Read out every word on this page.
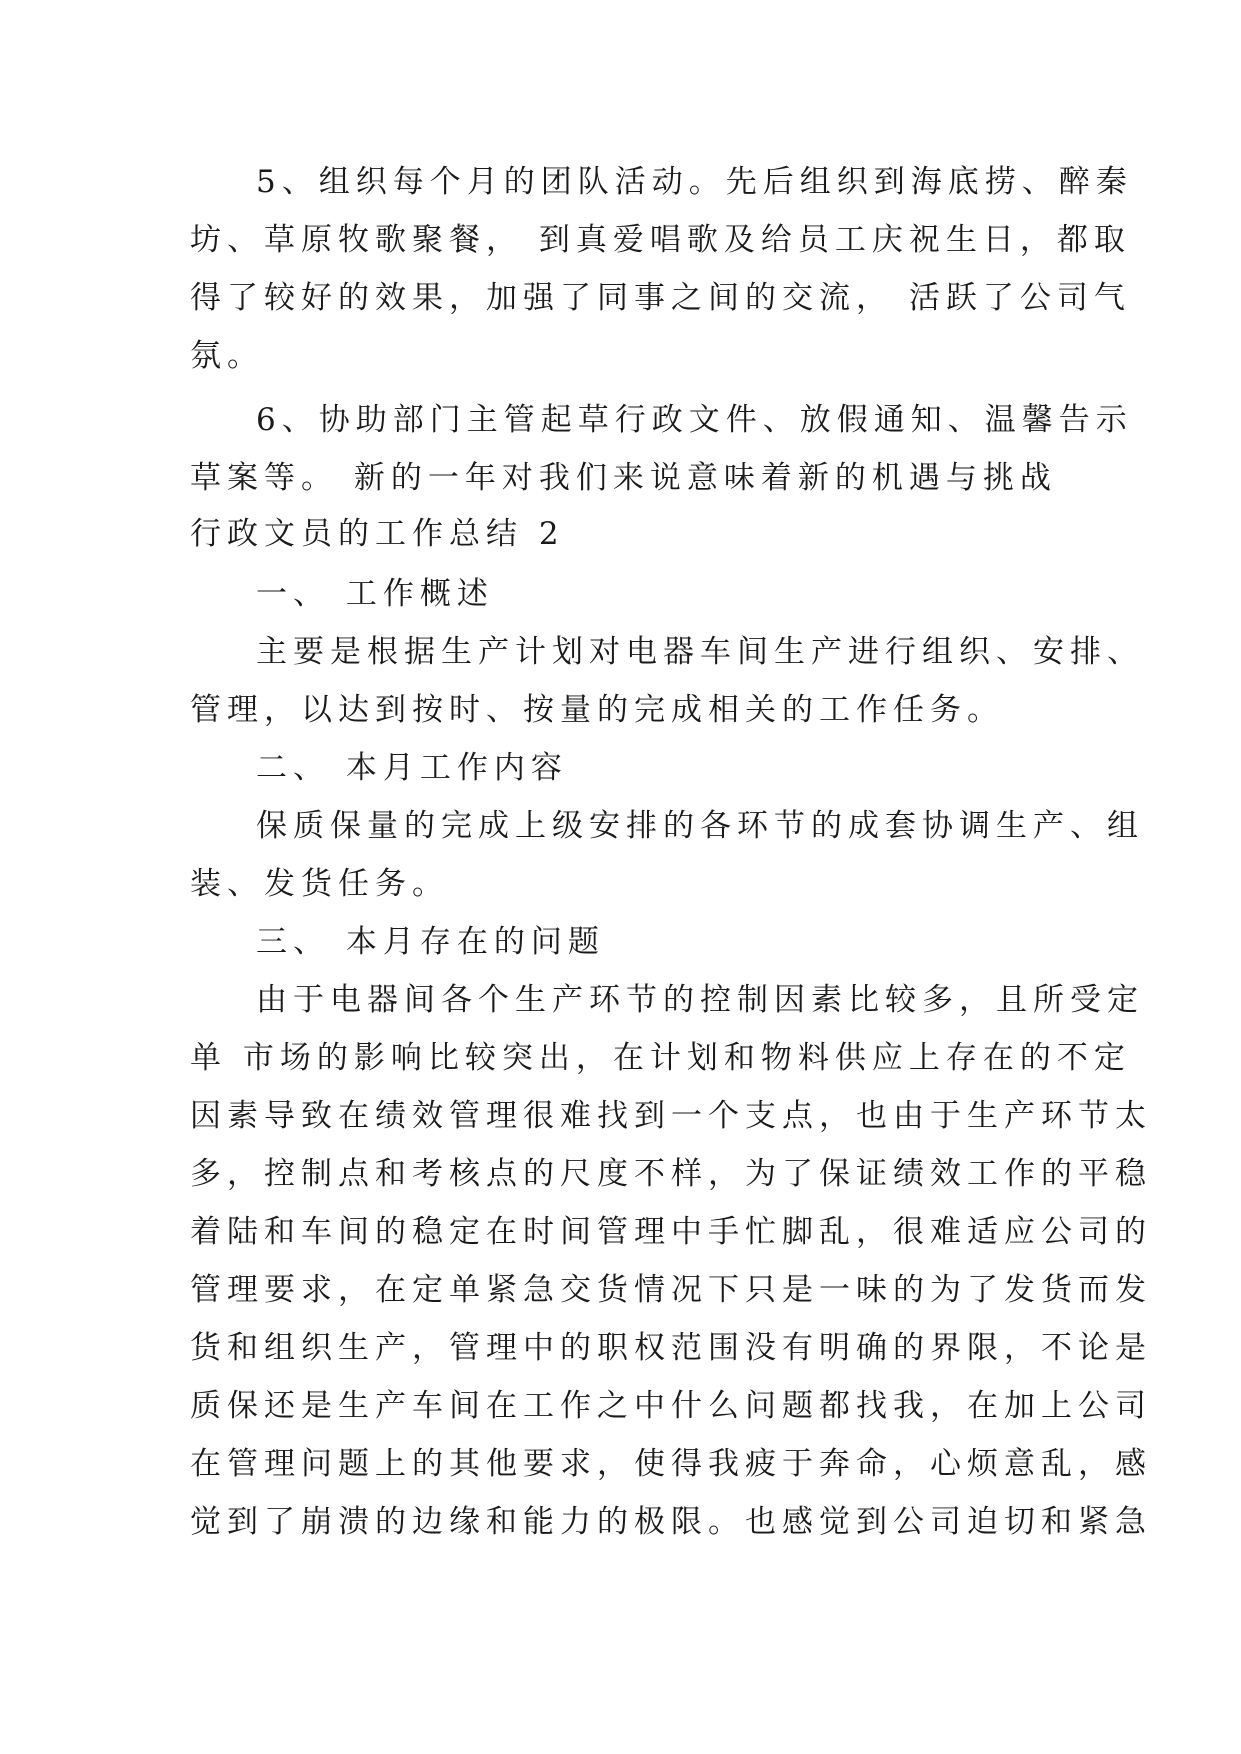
5、组织每个月的团队活动。先后组织到海底捞、醉秦
坊、草原牧歌聚餐， 到真爱唱歌及给员工庆祝生日，都取
得了较好的效果，加强了同事之间的交流， 活跃了公司气
氛。
6、协助部门主管起草行政文件、放假通知、温馨告示
草案等。 新的一年对我们来说意味着新的机遇与挑战
行政文员的工作总结 2
一、 工作概述
主要是根据生产计划对电器车间生产进行组织、安排、
管理，以达到按时、按量的完成相关的工作任务。
二、 本月工作内容
保质保量的完成上级安排的各环节的成套协调生产、组
装、发货任务。
三、 本月存在的问题
由于电器间各个生产环节的控制因素比较多，且所受定
单 市场的影响比较突出，在计划和物料供应上存在的不定
因素导致在绩效管理很难找到一个支点，也由于生产环节太
多，控制点和考核点的尺度不样，为了保证绩效工作的平稳
着陆和车间的稳定在时间管理中手忙脚乱，很难适应公司的
管理要求，在定单紧急交货情况下只是一味的为了发货而发
货和组织生产，管理中的职权范围没有明确的界限，不论是
质保还是生产车间在工作之中什么问题都找我，在加上公司
在管理问题上的其他要求，使得我疲于奔命，心烦意乱，感
觉到了崩溃的边缘和能力的极限。也感觉到公司迫切和紧急
